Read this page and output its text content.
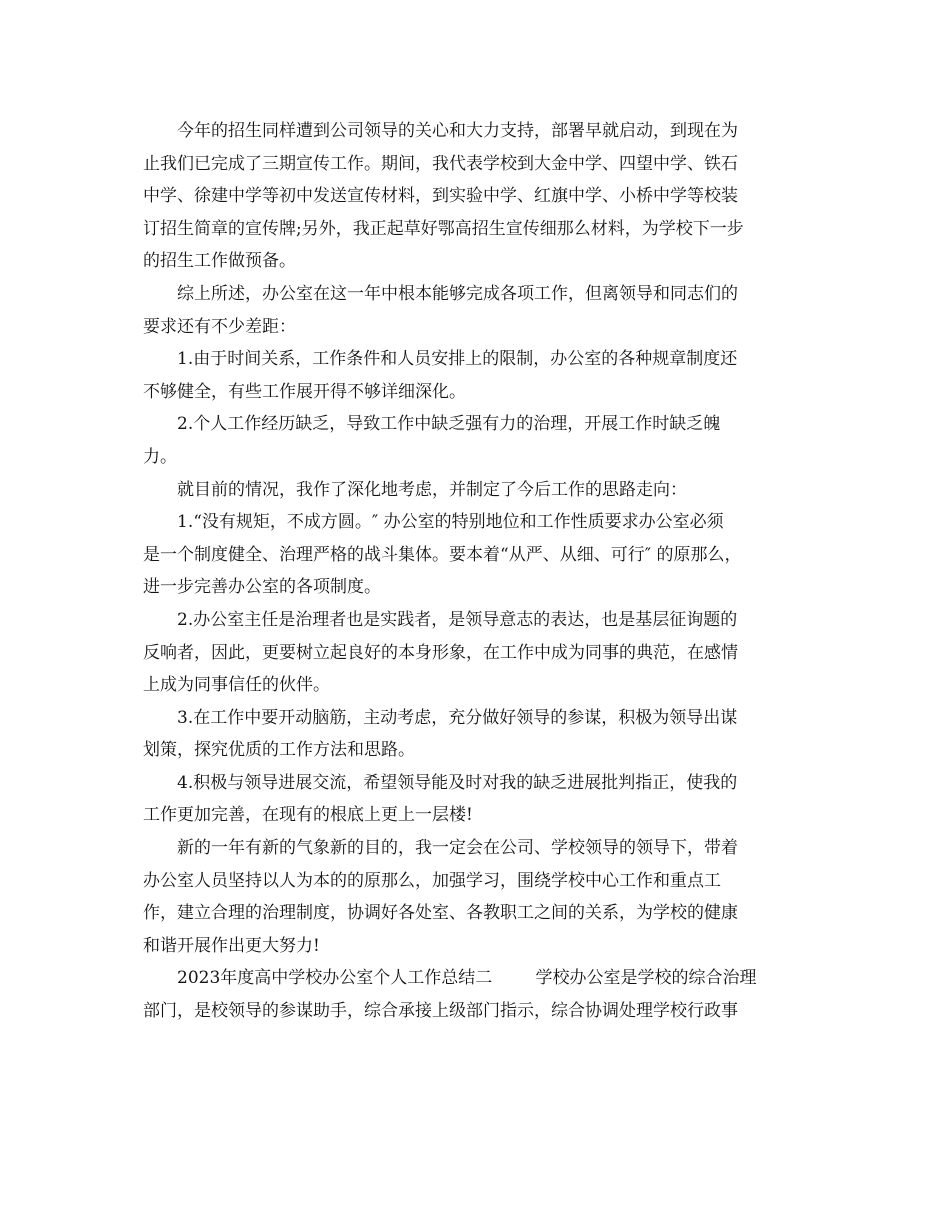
今年的招生同样遭到公司领导的关心和大力支持，部署早就启动，到现在为
止我们已完成了三期宣传工作。期间，我代表学校到大金中学、四望中学、铁石
中学、徐建中学等初中发送宣传材料，到实验中学、红旗中学、小桥中学等校装
订招生简章的宣传牌;另外，我正起草好鄂高招生宣传细那么材料，为学校下一步
的招生工作做预备。
综上所述，办公室在这一年中根本能够完成各项工作，但离领导和同志们的
要求还有不少差距：
1.由于时间关系，工作条件和人员安排上的限制，办公室的各种规章制度还
不够健全，有些工作展开得不够详细深化。
2.个人工作经历缺乏，导致工作中缺乏强有力的治理，开展工作时缺乏魄
力。
就目前的情况，我作了深化地考虑，并制定了今后工作的思路走向：
1.“没有规矩，不成方圆。″ 办公室的特别地位和工作性质要求办公室必须
是一个制度健全、治理严格的战斗集体。要本着“从严、从细、可行″ 的原那么，
进一步完善办公室的各项制度。
2.办公室主任是治理者也是实践者，是领导意志的表达，也是基层征询题的
反响者，因此，更要树立起良好的本身形象，在工作中成为同事的典范，在感情
上成为同事信任的伙伴。
3.在工作中要开动脑筋，主动考虑，充分做好领导的参谋，积极为领导出谋
划策，探究优质的工作方法和思路。
4.积极与领导进展交流，希望领导能及时对我的缺乏进展批判指正，使我的
工作更加完善，在现有的根底上更上一层楼!
新的一年有新的气象新的目的，我一定会在公司、学校领导的领导下，带着
办公室人员坚持以人为本的的原那么，加强学习，围绕学校中心工作和重点工
作，建立合理的治理制度，协调好各处室、各教职工之间的关系，为学校的健康
和谐开展作出更大努力!
2023年度高中学校办公室个人工作总结二        学校办公室是学校的综合治理
部门，是校领导的参谋助手，综合承接上级部门指示，综合协调处理学校行政事
